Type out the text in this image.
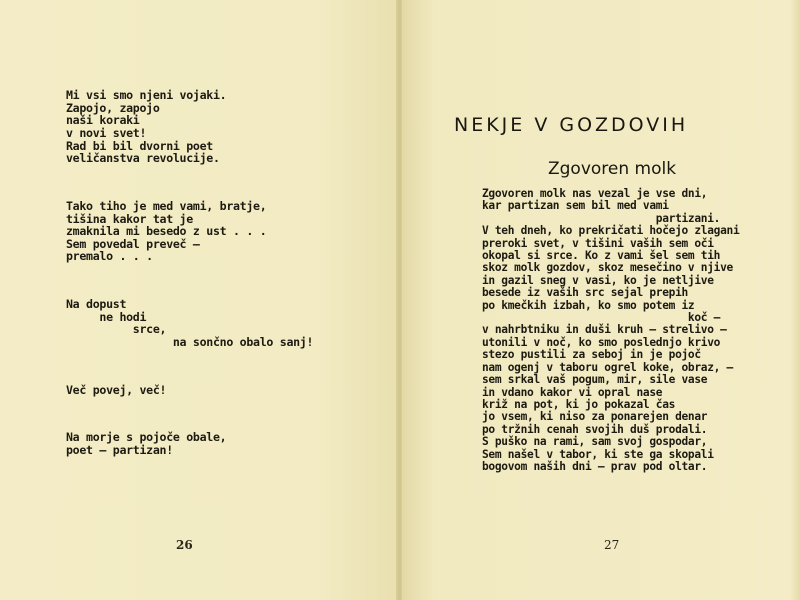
Mi vsi smo njeni vojaki.
Zapojo, zapojo
naši koraki
v novi svet!
Rad bi bil dvorni poet
veličanstva revolucije.

Tako tiho je med vami, bratje,
tišina kakor tat je
zmaknila mi besedo z ust . . .
Sem povedal preveč —
premalo . . .

Na dopust
ne hodi
srce,
na sončno obalo sanj!

Več povej, več!

Na morje s pojoče obale,
poet — partizan!

26
NEKJE V GOZDOVIH
Zgovoren molk
Zgovoren molk nas vezal je vse dni,
kar partizan sem bil med vami
partizani.
V teh dneh, ko prekričati hočejo zlagani
preroki svet, v tišini vaših sem oči
okopal si srce. Ko z vami šel sem tih
skoz molk gozdov, skoz mesečino v njive
in gazil sneg v vasi, ko je netljive
besede iz vaših src sejal prepih
po kmečkih izbah, ko smo potem iz
koč —
v nahrbtniku in duši kruh — strelivo —
utonili v noč, ko smo poslednjo krivo
stezo pustili za seboj in je pojoč
nam ogenj v taboru ogrel koke, obraz, —
sem srkal vaš pogum, mir, sile vase
in vdano kakor vi opral nase
križ na pot, ki jo pokazal čas
jo vsem, ki niso za ponarejen denar
po tržnih cenah svojih duš prodali.
S puško na rami, sam svoj gospodar,
Sem našel v tabor, ki ste ga skopali
bogovom naših dni — prav pod oltar.
27
